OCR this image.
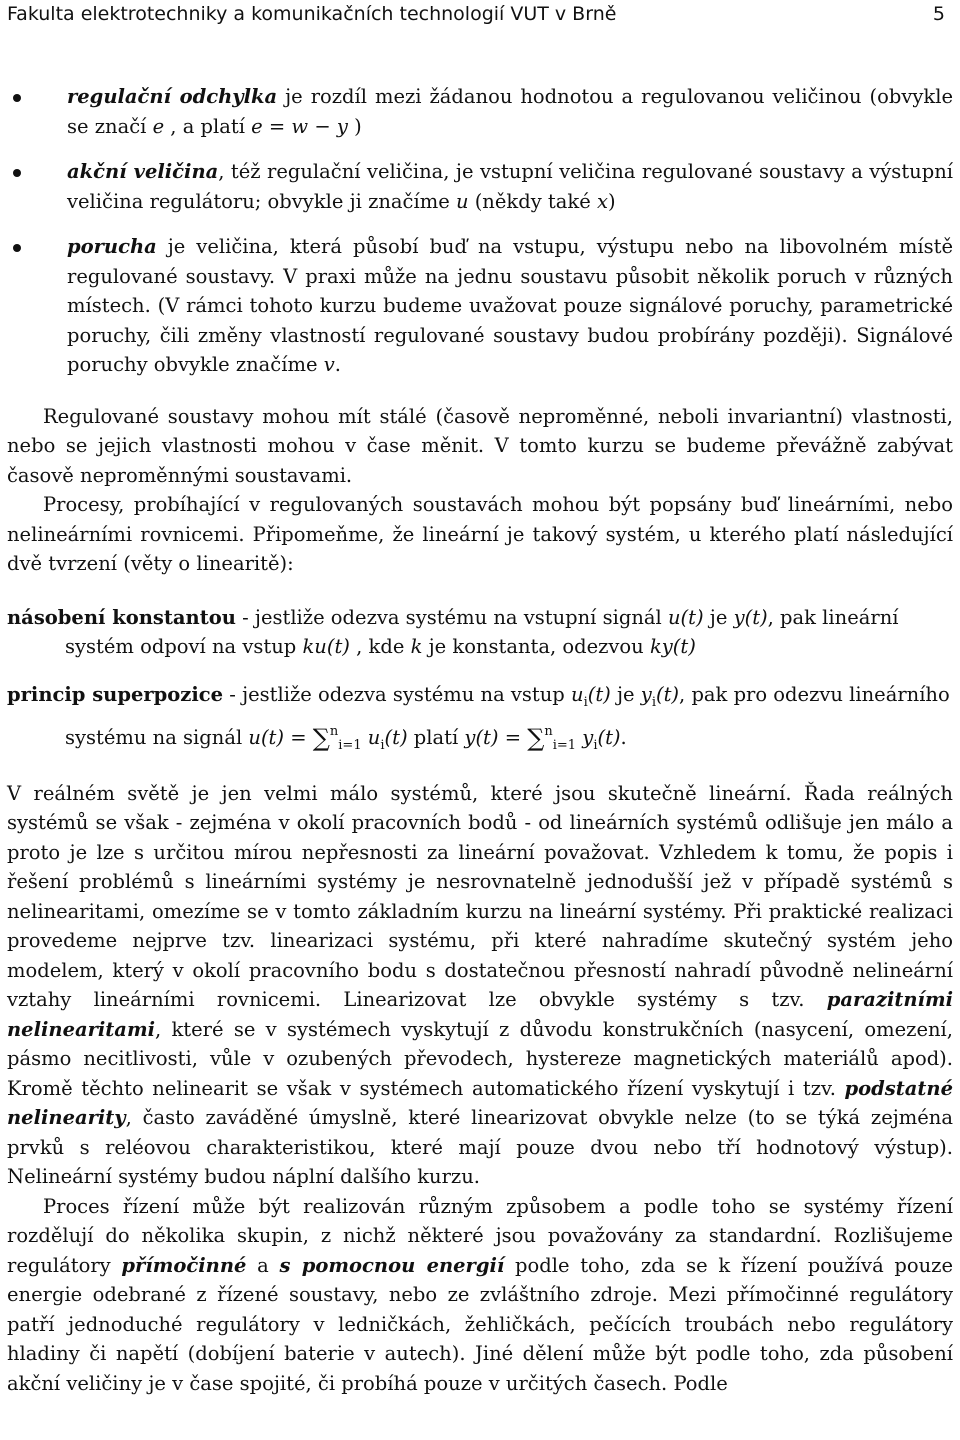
Fakulta elektrotechniky a komunikačních technologií VUT v Brně	5
regulační odchylka je rozdíl mezi žádanou hodnotou a regulovanou veličinou (obvykle se značí e , a platí e = w − y )
akční veličina, též regulační veličina, je vstupní veličina regulované soustavy a výstupní veličina regulátoru; obvykle ji značíme u (někdy také x)
porucha je veličina, která působí buď na vstupu, výstupu nebo na libovolném místě regulované soustavy. V praxi může na jednu soustavu působit několik poruch v různých místech. (V rámci tohoto kurzu budeme uvažovat pouze signálové poruchy, parametrické poruchy, čili změny vlastností regulované soustavy budou probírány později). Signálové poruchy obvykle značíme v.

Regulované soustavy mohou mít stálé (časově neproměnné, neboli invariantní) vlastnosti, nebo se jejich vlastnosti mohou v čase měnit. V tomto kurzu se budeme převážně zabývat časově neproměnnými soustavami.

Procesy, probíhající v regulovaných soustavách mohou být popsány buď lineárními, nebo nelineárními rovnicemi. Připomeňme, že lineární je takový systém, u kterého platí následující dvě tvrzení (věty o linearitě):

násobení konstantou - jestliže odezva systému na vstupní signál u(t) je y(t), pak lineární systém odpoví na vstup ku(t) , kde k je konstanta, odezvou ky(t)

princip superpozice - jestliže odezva systému na vstup $u_i(t)$ je $y_i(t)$, pak pro odezvu lineárního systému na signál u(t) = ∑$^n_{i=1}$ $u_i(t)$ platí y(t) = ∑$^n_{i=1}$ $y_i(t)$.

V reálném světě je jen velmi málo systémů, které jsou skutečně lineární. Řada reálných systémů se však - zejména v okolí pracovních bodů - od lineárních systémů odlišuje jen málo a proto je lze s určitou mírou nepřesnosti za lineární považovat. Vzhledem k tomu, že popis i řešení problémů s lineárními systémy je nesrovnatelně jednodušší jež v případě systémů s nelinearitami, omezíme se v tomto základním kurzu na lineární systémy. Při praktické realizaci provedeme nejprve tzv. linearizaci systému, při které nahradíme skutečný systém jeho modelem, který v okolí pracovního bodu s dostatečnou přesností nahradí původně nelineární vztahy lineárními rovnicemi. Linearizovat lze obvykle systémy s tzv. parazitními nelinearitami, které se v systémech vyskytují z důvodu konstrukčních (nasycení, omezení, pásmo necitlivosti, vůle v ozubených převodech, hystereze magnetických materiálů apod). Kromě těchto nelinearit se však v systémech automatického řízení vyskytují i tzv. podstatné nelinearity, často zaváděné úmyslně, které linearizovat obvykle nelze (to se týká zejména prvků s reléovou charakteristikou, které mají pouze dvou nebo tří hodnotový výstup). Nelineární systémy budou náplní dalšího kurzu.

Proces řízení může být realizován různým způsobem a podle toho se systémy řízení rozdělují do několika skupin, z nichž některé jsou považovány za standardní. Rozlišujeme regulátory přímočinné a s pomocnou energií podle toho, zda se k řízení používá pouze energie odebrané z řízené soustavy, nebo ze zvláštního zdroje. Mezi přímočinné regulátory patří jednoduché regulátory v ledničkách, žehličkách, pečících troubách nebo regulátory hladiny či napětí (dobíjení baterie v autech). Jiné dělení může být podle toho, zda působení akční veličiny je v čase spojité, či probíhá pouze v určitých časech. Podle
